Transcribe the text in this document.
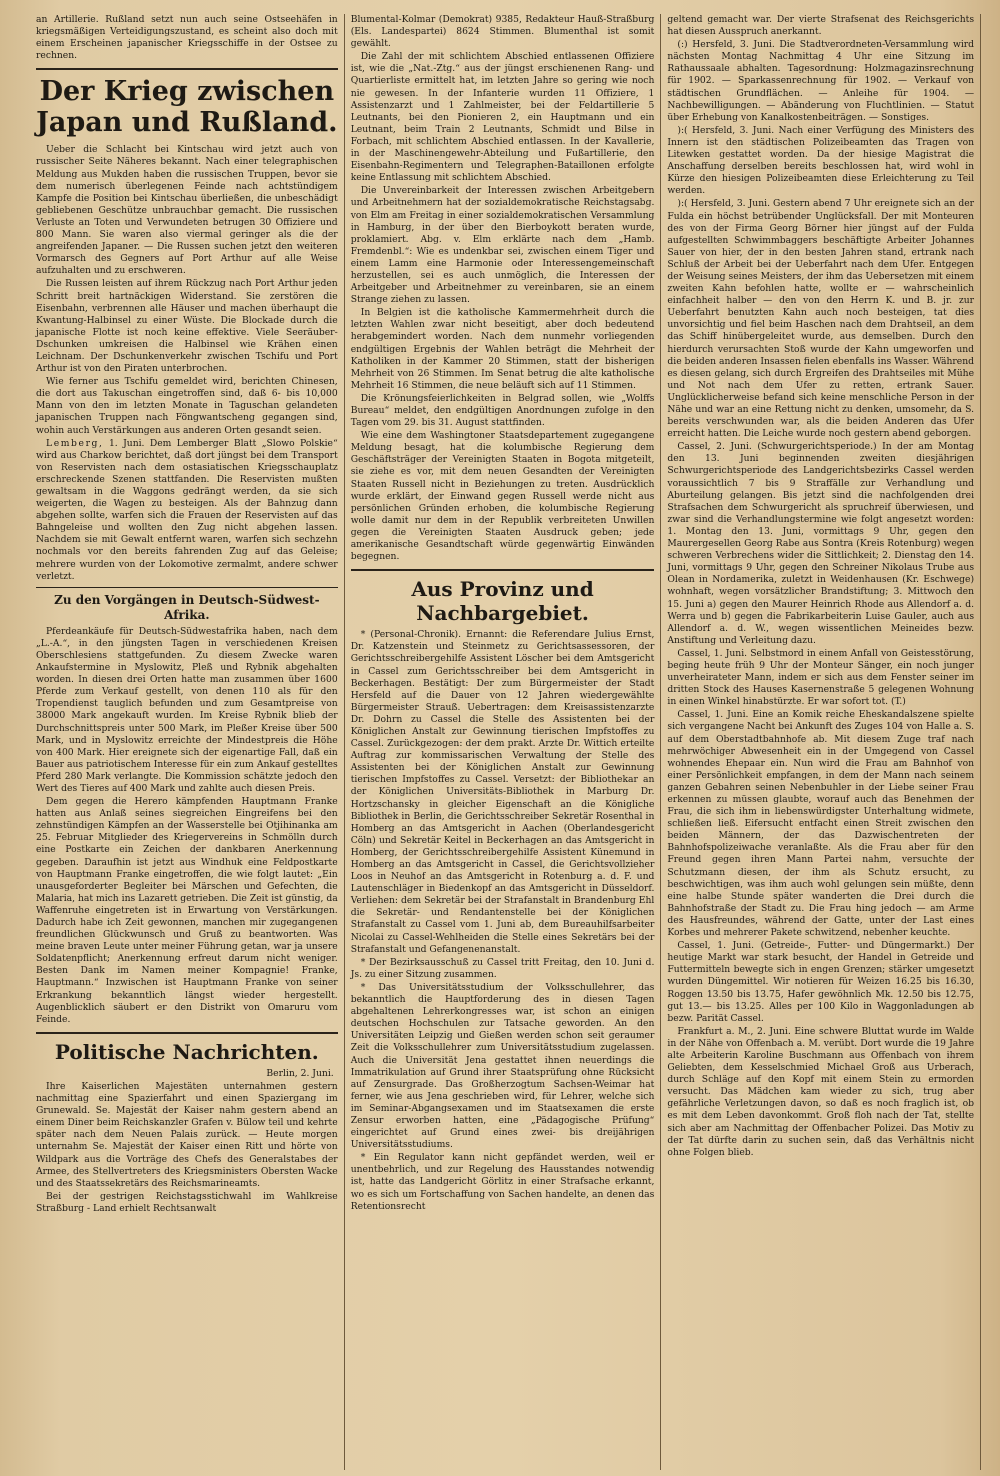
an Artillerie. Rußland setzt nun auch seine Ostseehäfen in kriegsmäßigen Verteidigungszustand, es scheint also doch mit einem Erscheinen japanischer Kriegsschiffe in der Ostsee zu rechnen.

Der Krieg zwischen Japan und Rußland.

Ueber die Schlacht bei Kintschau wird jetzt auch von russischer Seite Näheres bekannt. Nach einer telegraphischen Meldung aus Mukden haben die russischen Truppen, bevor sie dem numerisch überlegenen Feinde nach achtstündigem Kampfe die Position bei Kintschau überließen, die unbeschädigt gebliebenen Geschütze unbrauchbar gemacht. Die russischen Verluste an Toten und Verwundeten betrugen 30 Offiziere und 800 Mann. Sie waren also viermal geringer als die der angreifenden Japaner. — Die Russen suchen jetzt den weiteren Vormarsch des Gegners auf Port Arthur auf alle Weise aufzuhalten und zu erschweren.

Die Russen leisten auf ihrem Rückzug nach Port Arthur jeden Schritt breit hartnäckigen Widerstand. Sie zerstören die Eisenbahn, verbrennen alle Häuser und machen überhaupt die Kwantung-Halbinsel zu einer Wüste. Die Blockade durch die japanische Flotte ist noch keine effektive. Viele Seeräuber-Dschunken umkreisen die Halbinsel wie Krähen einen Leichnam. Der Dschunkenverkehr zwischen Tschifu und Port Arthur ist von den Piraten unterbrochen.

Wie ferner aus Tschifu gemeldet wird, berichten Chinesen, die dort aus Takuschan eingetroffen sind, daß 6- bis 10,000 Mann von den im letzten Monate in Taguschan gelandeten japanischen Truppen nach Föngwantscheng gegangen sind, wohin auch Verstärkungen aus anderen Orten gesandt seien.

Lemberg, 1. Juni. Dem Lemberger Blatt „Slowo Polskie“ wird aus Charkow berichtet, daß dort jüngst bei dem Transport von Reservisten nach dem ostasiatischen Kriegsschauplatz erschreckende Szenen stattfanden. Die Reservisten mußten gewaltsam in die Waggons gedrängt werden, da sie sich weigerten, die Wagen zu besteigen. Als der Bahnzug dann abgehen sollte, warfen sich die Frauen der Reservisten auf das Bahngeleise und wollten den Zug nicht abgehen lassen. Nachdem sie mit Gewalt entfernt waren, warfen sich sechzehn nochmals vor den bereits fahrenden Zug auf das Geleise; mehrere wurden von der Lokomotive zermalmt, andere schwer verletzt.

Zu den Vorgängen in Deutsch-Südwest-Afrika.

Pferdeankäufe für Deutsch-Südwestafrika haben, nach dem „L.-A.“, in den jüngsten Tagen in verschiedenen Kreisen Oberschlesiens stattgefunden. Zu diesem Zwecke waren Ankaufstermine in Myslowitz, Pleß und Rybnik abgehalten worden. In diesen drei Orten hatte man zusammen über 1600 Pferde zum Verkauf gestellt, von denen 110 als für den Tropendienst tauglich befunden und zum Gesamtpreise von 38000 Mark angekauft wurden. Im Kreise Rybnik blieb der Durchschnittspreis unter 500 Mark, im Pleßer Kreise über 500 Mark, und in Myslowitz erreichte der Mindestpreis die Höhe von 400 Mark. Hier ereignete sich der eigenartige Fall, daß ein Bauer aus patriotischem Interesse für ein zum Ankauf gestelltes Pferd 280 Mark verlangte. Die Kommission schätzte jedoch den Wert des Tieres auf 400 Mark und zahlte auch diesen Preis.

Dem gegen die Herero kämpfenden Hauptmann Franke hatten aus Anlaß seines siegreichen Eingreifens bei den zehnstündigen Kämpfen an der Wasserstelle bei Otjihinanka am 25. Februar Mitglieder des Kriegervereins in Schmölln durch eine Postkarte ein Zeichen der dankbaren Anerkennung gegeben. Daraufhin ist jetzt aus Windhuk eine Feldpostkarte von Hauptmann Franke eingetroffen, die wie folgt lautet: „Ein unausgeforderter Begleiter bei Märschen und Gefechten, die Malaria, hat mich ins Lazarett getrieben. Die Zeit ist günstig, da Waffenruhe eingetreten ist in Erwartung von Verstärkungen. Dadurch habe ich Zeit gewonnen, manchen mir zugegangenen freundlichen Glückwunsch und Gruß zu beantworten. Was meine braven Leute unter meiner Führung getan, war ja unsere Soldatenpflicht; Anerkennung erfreut darum nicht weniger. Besten Dank im Namen meiner Kompagnie! Franke, Hauptmann.“ Inzwischen ist Hauptmann Franke von seiner Erkrankung bekanntlich längst wieder hergestellt. Augenblicklich säubert er den Distrikt von Omaruru vom Feinde.

Politische Nachrichten.
Berlin, 2. Juni.

Ihre Kaiserlichen Majestäten unternahmen gestern nachmittag eine Spazierfahrt und einen Spaziergang im Grunewald. Se. Majestät der Kaiser nahm gestern abend an einem Diner beim Reichskanzler Grafen v. Bülow teil und kehrte später nach dem Neuen Palais zurück. — Heute morgen unternahm Se. Majestät der Kaiser einen Ritt und hörte von Wildpark aus die Vorträge des Chefs des Generalstabes der Armee, des Stellvertreters des Kriegsministers Obersten Wacke und des Staatssekretärs des Reichsmarineamts.

Bei der gestrigen Reichstagsstichwahl im Wahlkreise Straßburg - Land erhielt Rechtsanwalt

Blumental-Kolmar (Demokrat) 9385, Redakteur Hauß-Straßburg (Els. Landespartei) 8624 Stimmen. Blumenthal ist somit gewählt.

Die Zahl der mit schlichtem Abschied entlassenen Offiziere ist, wie die „Nat.-Ztg.“ aus der jüngst erschienenen Rang- und Quartierliste ermittelt hat, im letzten Jahre so gering wie noch nie gewesen. In der Infanterie wurden 11 Offiziere, 1 Assistenzarzt und 1 Zahlmeister, bei der Feldartillerie 5 Leutnants, bei den Pionieren 2, ein Hauptmann und ein Leutnant, beim Train 2 Leutnants, Schmidt und Bilse in Forbach, mit schlichtem Abschied entlassen. In der Kavallerie, in der Maschinengewehr-Abteilung und Fußartillerie, den Eisenbahn-Regimentern und Telegraphen-Bataillonen erfolgte keine Entlassung mit schlichtem Abschied.

Die Unvereinbarkeit der Interessen zwischen Arbeitgebern und Arbeitnehmern hat der sozialdemokratische Reichstagsabg. von Elm am Freitag in einer sozialdemokratischen Versammlung in Hamburg, in der über den Bierboykott beraten wurde, proklamiert. Abg. v. Elm erklärte nach dem „Hamb. Fremdenbl.“: Wie es undenkbar sei, zwischen einem Tiger und einem Lamm eine Harmonie oder Interessengemeinschaft herzustellen, sei es auch unmöglich, die Interessen der Arbeitgeber und Arbeitnehmer zu vereinbaren, sie an einem Strange ziehen zu lassen.

In Belgien ist die katholische Kammermehrheit durch die letzten Wahlen zwar nicht beseitigt, aber doch bedeutend herabgemindert worden. Nach dem nunmehr vorliegenden endgültigen Ergebnis der Wahlen beträgt die Mehrheit der Katholiken in der Kammer 20 Stimmen, statt der bisherigen Mehrheit von 26 Stimmen. Im Senat betrug die alte katholische Mehrheit 16 Stimmen, die neue beläuft sich auf 11 Stimmen.

Die Krönungsfeierlichkeiten in Belgrad sollen, wie „Wolffs Bureau“ meldet, den endgültigen Anordnungen zufolge in den Tagen vom 29. bis 31. August stattfinden.

Wie eine dem Washingtoner Staatsdepartement zugegangene Meldung besagt, hat die kolumbische Regierung dem Geschäftsträger der Vereinigten Staaten in Bogota mitgeteilt, sie ziehe es vor, mit dem neuen Gesandten der Vereinigten Staaten Russell nicht in Beziehungen zu treten. Ausdrücklich wurde erklärt, der Einwand gegen Russell werde nicht aus persönlichen Gründen erhoben, die kolumbische Regierung wolle damit nur dem in der Republik verbreiteten Unwillen gegen die Vereinigten Staaten Ausdruck geben; jede amerikanische Gesandtschaft würde gegenwärtig Einwänden begegnen.

Aus Provinz und Nachbargebiet.

* (Personal-Chronik). Ernannt: die Referendare Julius Ernst, Dr. Katzenstein und Steinmetz zu Gerichtsassessoren, der Gerichtsschreibergehilfe Assistent Löscher bei dem Amtsgericht in Cassel zum Gerichtsschreiber bei dem Amtsgericht in Beckerhagen. Bestätigt: Der zum Bürgermeister der Stadt Hersfeld auf die Dauer von 12 Jahren wiedergewählte Bürgermeister Strauß. Uebertragen: dem Kreisassistenzarzte Dr. Dohrn zu Cassel die Stelle des Assistenten bei der Königlichen Anstalt zur Gewinnung tierischen Impfstoffes zu Cassel. Zurückgezogen: der dem prakt. Arzte Dr. Wittich erteilte Auftrag zur kommissarischen Verwaltung der Stelle des Assistenten bei der Königlichen Anstalt zur Gewinnung tierischen Impfstoffes zu Cassel. Versetzt: der Bibliothekar an der Königlichen Universitäts-Bibliothek in Marburg Dr. Hortzschansky in gleicher Eigenschaft an die Königliche Bibliothek in Berlin, die Gerichtsschreiber Sekretär Rosenthal in Homberg an das Amtsgericht in Aachen (Oberlandesgericht Cöln) und Sekretär Keitel in Beckerhagen an das Amtsgericht in Homberg, der Gerichtsschreibergehilfe Assistent Künemund in Homberg an das Amtsgericht in Cassel, die Gerichtsvollzieher Loos in Neuhof an das Amtsgericht in Rotenburg a. d. F. und Lautenschläger in Biedenkopf an das Amtsgericht in Düsseldorf. Verliehen: dem Sekretär bei der Strafanstalt in Brandenburg Ehl die Sekretär- und Rendantenstelle bei der Königlichen Strafanstalt zu Cassel vom 1. Juni ab, dem Bureauhilfsarbeiter Nicolai zu Cassel-Wehlheiden die Stelle eines Sekretärs bei der Strafanstalt und Gefangenenanstalt.

* Der Bezirksausschuß zu Cassel tritt Freitag, den 10. Juni d. Js. zu einer Sitzung zusammen.

* Das Universitätsstudium der Volksschullehrer, das bekanntlich die Hauptforderung des in diesen Tagen abgehaltenen Lehrerkongresses war, ist schon an einigen deutschen Hochschulen zur Tatsache geworden. An den Universitäten Leipzig und Gießen werden schon seit geraumer Zeit die Volksschullehrer zum Universitätsstudium zugelassen. Auch die Universität Jena gestattet ihnen neuerdings die Immatrikulation auf Grund ihrer Staatsprüfung ohne Rücksicht auf Zensurgrade. Das Großherzogtum Sachsen-Weimar hat ferner, wie aus Jena geschrieben wird, für Lehrer, welche sich im Seminar-Abgangsexamen und im Staatsexamen die erste Zensur erworben hatten, eine „Pädagogische Prüfung“ eingerichtet auf Grund eines zwei- bis dreijährigen Universitätsstudiums.

* Ein Regulator kann nicht gepfändet werden, weil er unentbehrlich, und zur Regelung des Hausstandes notwendig ist, hatte das Landgericht Görlitz in einer Strafsache erkannt, wo es sich um Fortschaffung von Sachen handelte, an denen das Retentionsrecht

geltend gemacht war. Der vierte Strafsenat des Reichsgerichts hat diesen Ausspruch anerkannt.

(:) Hersfeld, 3. Juni. Die Stadtverordneten-Versammlung wird nächsten Montag Nachmittag 4 Uhr eine Sitzung im Rathaussaale abhalten. Tagesordnung: Holzmagazinsrechnung für 1902. — Sparkassenrechnung für 1902. — Verkauf von städtischen Grundflächen. — Anleihe für 1904. — Nachbewilligungen. — Abänderung von Fluchtlinien. — Statut über Erhebung von Kanalkostenbeiträgen. — Sonstiges.

):( Hersfeld, 3. Juni. Nach einer Verfügung des Ministers des Innern ist den städtischen Polizeibeamten das Tragen von Litewken gestattet worden. Da der hiesige Magistrat die Anschaffung derselben bereits beschlossen hat, wird wohl in Kürze den hiesigen Polizeibeamten diese Erleichterung zu Teil werden.

):( Hersfeld, 3. Juni. Gestern abend 7 Uhr ereignete sich an der Fulda ein höchst betrübender Unglücksfall. Der mit Monteuren des von der Firma Georg Börner hier jüngst auf der Fulda aufgestellten Schwimmbaggers beschäftigte Arbeiter Johannes Sauer von hier, der in den besten Jahren stand, ertrank nach Schluß der Arbeit bei der Ueberfahrt nach dem Ufer. Entgegen der Weisung seines Meisters, der ihm das Uebersetzen mit einem zweiten Kahn befohlen hatte, wollte er — wahrscheinlich einfachheit halber — den von den Herrn K. und B. jr. zur Ueberfahrt benutzten Kahn auch noch besteigen, tat dies unvorsichtig und fiel beim Haschen nach dem Drahtseil, an dem das Schiff hinübergeleitet wurde, aus demselben. Durch den hierdurch verursachten Stoß wurde der Kahn umgeworfen und die beiden anderen Insassen fielen ebenfalls ins Wasser. Während es diesen gelang, sich durch Ergreifen des Drahtseiles mit Mühe und Not nach dem Ufer zu retten, ertrank Sauer. Unglücklicherweise befand sich keine menschliche Person in der Nähe und war an eine Rettung nicht zu denken, umsomehr, da S. bereits verschwunden war, als die beiden Anderen das Ufer erreicht hatten. Die Leiche wurde noch gestern abend geborgen.

Cassel, 2. Juni. (Schwurgerichtsperiode.) In der am Montag den 13. Juni beginnenden zweiten diesjährigen Schwurgerichtsperiode des Landgerichtsbezirks Cassel werden voraussichtlich 7 bis 9 Straffälle zur Verhandlung und Aburteilung gelangen. Bis jetzt sind die nachfolgenden drei Strafsachen dem Schwurgericht als spruchreif überwiesen, und zwar sind die Verhandlungstermine wie folgt angesetzt worden: 1. Montag den 13. Juni, vormittags 9 Uhr, gegen den Maurergesellen Georg Rabe aus Sontra (Kreis Rotenburg) wegen schweren Verbrechens wider die Sittlichkeit; 2. Dienstag den 14. Juni, vormittags 9 Uhr, gegen den Schreiner Nikolaus Trube aus Olean in Nordamerika, zuletzt in Weidenhausen (Kr. Eschwege) wohnhaft, wegen vorsätzlicher Brandstiftung; 3. Mittwoch den 15. Juni a) gegen den Maurer Heinrich Rhode aus Allendorf a. d. Werra und b) gegen die Fabrikarbeiterin Luise Gauler, auch aus Allendorf a. d. W., wegen wissentlichen Meineides bezw. Anstiftung und Verleitung dazu.

Cassel, 1. Juni. Selbstmord in einem Anfall von Geistesstörung, beging heute früh 9 Uhr der Monteur Sänger, ein noch junger unverheirateter Mann, indem er sich aus dem Fenster seiner im dritten Stock des Hauses Kasernenstraße 5 gelegenen Wohnung in einen Winkel hinabstürzte. Er war sofort tot. (T.)

Cassel, 1. Juni. Eine an Komik reiche Eheskandalszene spielte sich vergangene Nacht bei Ankunft des Zuges 104 von Halle a. S. auf dem Oberstadtbahnhofe ab. Mit diesem Zuge traf nach mehrwöchiger Abwesenheit ein in der Umgegend von Cassel wohnendes Ehepaar ein. Nun wird die Frau am Bahnhof von einer Persönlichkeit empfangen, in dem der Mann nach seinem ganzen Gebahren seinen Nebenbuhler in der Liebe seiner Frau erkennen zu müssen glaubte, worauf auch das Benehmen der Frau, die sich ihm in liebenswürdigster Unterhaltung widmete, schließen ließ. Eifersucht entfacht einen Streit zwischen den beiden Männern, der das Dazwischentreten der Bahnhofspolizeiwache veranlaßte. Als die Frau aber für den Freund gegen ihren Mann Partei nahm, versuchte der Schutzmann diesen, der ihm als Schutz ersucht, zu beschwichtigen, was ihm auch wohl gelungen sein müßte, denn eine halbe Stunde später wanderten die Drei durch die Bahnhofstraße der Stadt zu. Die Frau hing jedoch — am Arme des Hausfreundes, während der Gatte, unter der Last eines Korbes und mehrerer Pakete schwitzend, nebenher keuchte.

Cassel, 1. Juni. (Getreide-, Futter- und Düngermarkt.) Der heutige Markt war stark besucht, der Handel in Getreide und Futtermitteln bewegte sich in engen Grenzen; stärker umgesetzt wurden Düngemittel. Wir notieren für Weizen 16.25 bis 16.30, Roggen 13.50 bis 13.75, Hafer gewöhnlich Mk. 12.50 bis 12.75, gut 13.— bis 13.25. Alles per 100 Kilo in Waggonladungen ab bezw. Parität Cassel.

Frankfurt a. M., 2. Juni. Eine schwere Bluttat wurde im Walde in der Nähe von Offenbach a. M. verübt. Dort wurde die 19 Jahre alte Arbeiterin Karoline Buschmann aus Offenbach von ihrem Geliebten, dem Kesselschmied Michael Groß aus Urberach, durch Schläge auf den Kopf mit einem Stein zu ermorden versucht. Das Mädchen kam wieder zu sich, trug aber gefährliche Verletzungen davon, so daß es noch fraglich ist, ob es mit dem Leben davonkommt. Groß floh nach der Tat, stellte sich aber am Nachmittag der Offenbacher Polizei. Das Motiv zu der Tat dürfte darin zu suchen sein, daß das Verhältnis nicht ohne Folgen blieb.
